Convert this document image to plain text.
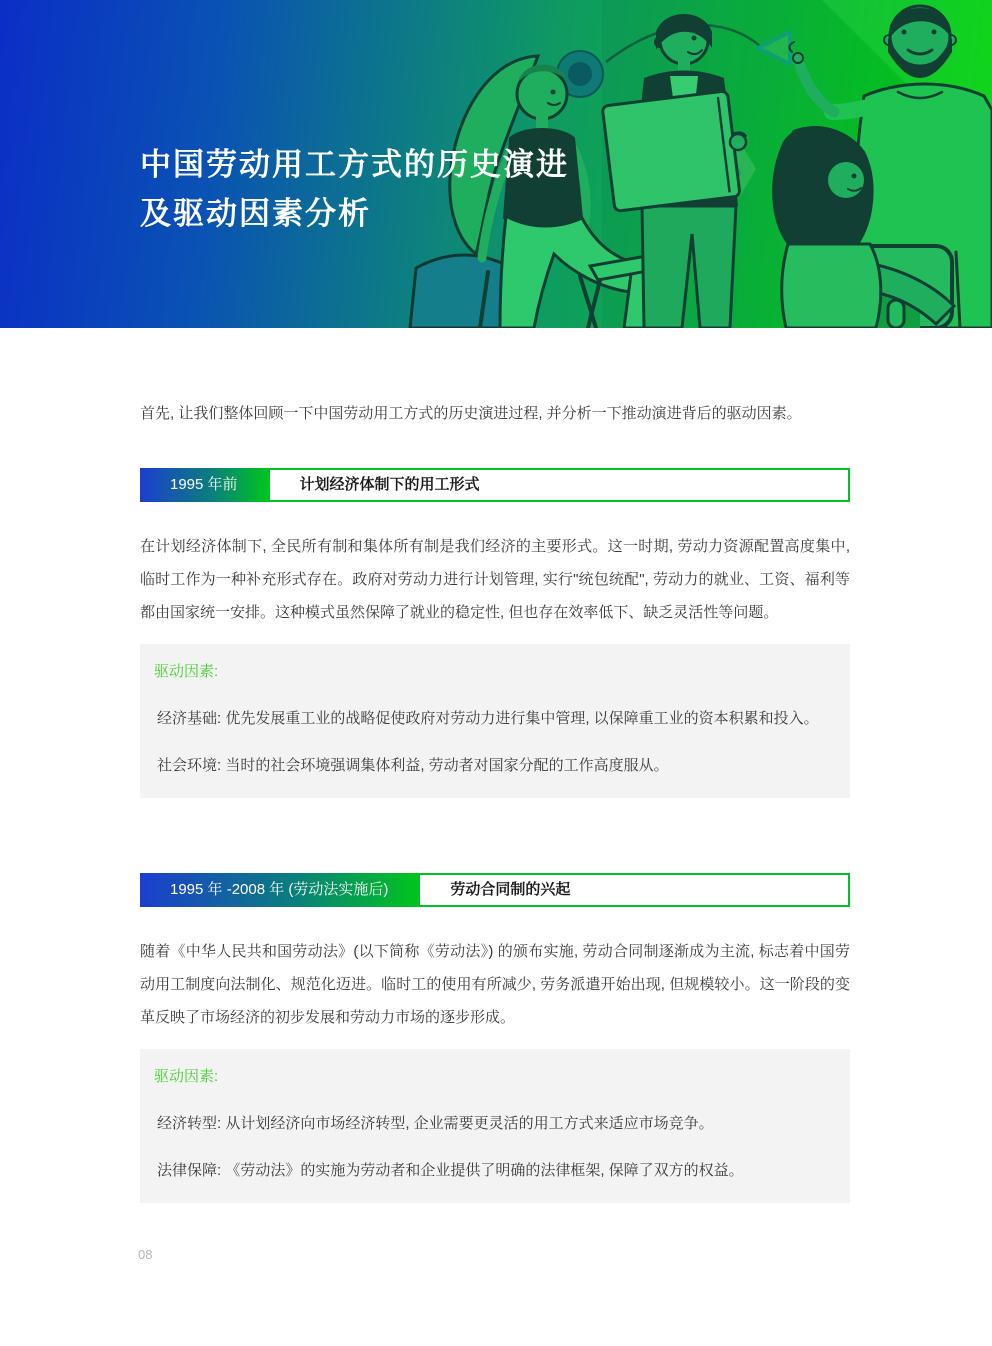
中国劳动用工方式的历史演进
及驱动因素分析

首先, 让我们整体回顾一下中国劳动用工方式的历史演进过程, 并分析一下推动演进背后的驱动因素。

1995 年前	计划经济体制下的用工形式

在计划经济体制下, 全民所有制和集体所有制是我们经济的主要形式。这一时期, 劳动力资源配置高度集中, 临时工作为一种补充形式存在。政府对劳动力进行计划管理, 实行"统包统配", 劳动力的就业、工资、福利等都由国家统一安排。这种模式虽然保障了就业的稳定性, 但也存在效率低下、缺乏灵活性等问题。

驱动因素:
经济基础: 优先发展重工业的战略促使政府对劳动力进行集中管理, 以保障重工业的资本积累和投入。
社会环境: 当时的社会环境强调集体利益, 劳动者对国家分配的工作高度服从。
1995 年 -2008 年 (劳动法实施后)	劳动合同制的兴起

随着《中华人民共和国劳动法》(以下简称《劳动法》) 的颁布实施, 劳动合同制逐渐成为主流, 标志着中国劳动用工制度向法制化、规范化迈进。临时工的使用有所减少, 劳务派遣开始出现, 但规模较小。这一阶段的变革反映了市场经济的初步发展和劳动力市场的逐步形成。

驱动因素:
经济转型: 从计划经济向市场经济转型, 企业需要更灵活的用工方式来适应市场竞争。
法律保障: 《劳动法》的实施为劳动者和企业提供了明确的法律框架, 保障了双方的权益。
08
